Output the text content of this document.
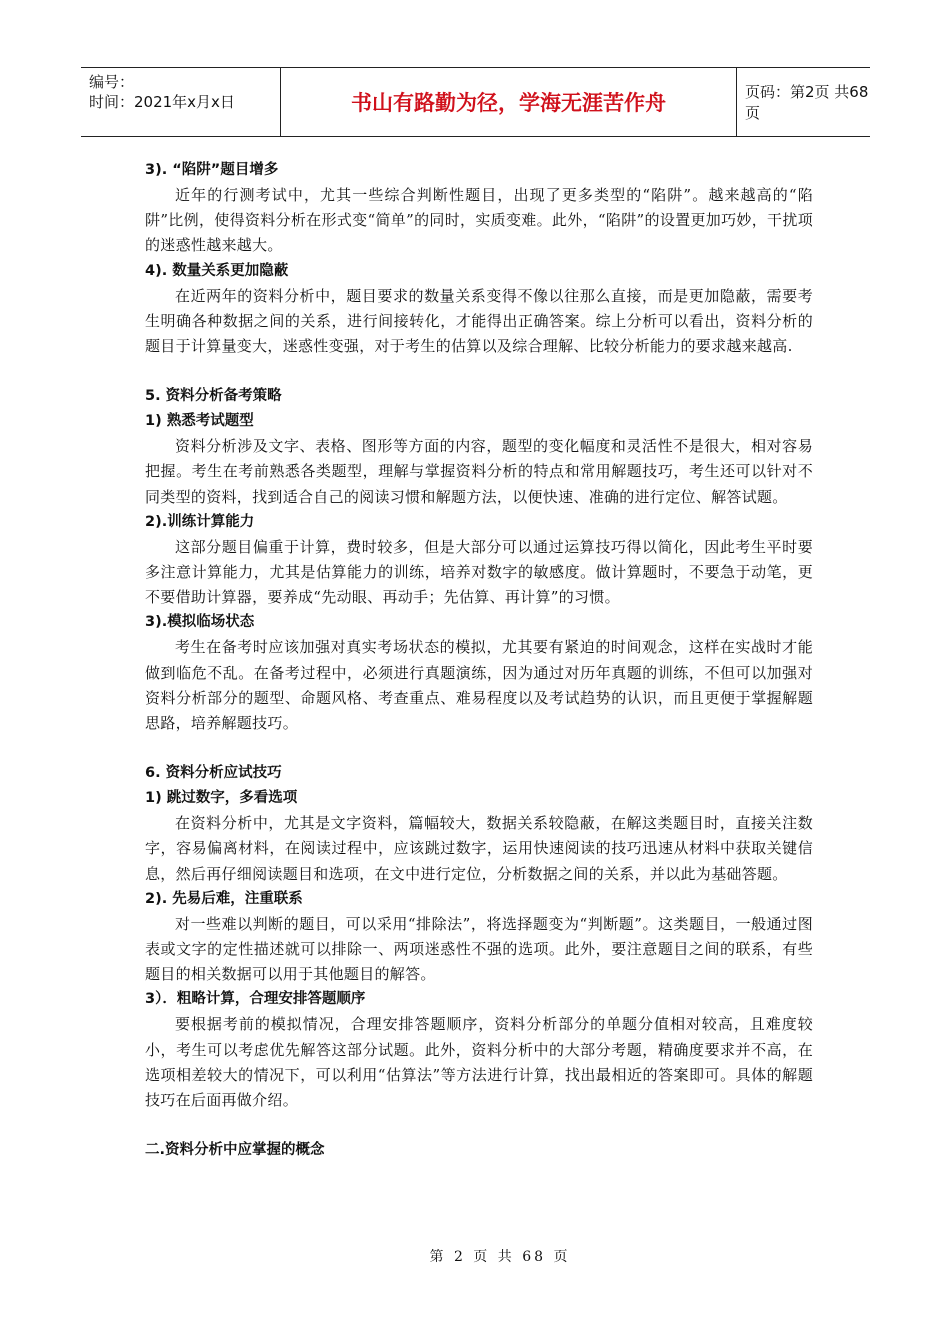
编号：
时间：2021年x月x日	书山有路勤为径，学海无涯苦作舟	页码：第2页 共68页
3). “陷阱”题目增多
近年的行测考试中，尤其一些综合判断性题目，出现了更多类型的“陷阱”。越来越高的“陷阱”比例，使得资料分析在形式变“简单”的同时，实质变难。此外，“陷阱”的设置更加巧妙，干扰项的迷惑性越来越大。
4). 数量关系更加隐蔽
在近两年的资料分析中，题目要求的数量关系变得不像以往那么直接，而是更加隐蔽，需要考生明确各种数据之间的关系，进行间接转化，才能得出正确答案。综上分析可以看出，资料分析的题目于计算量变大，迷惑性变强，对于考生的估算以及综合理解、比较分析能力的要求越来越高.
5. 资料分析备考策略
1) 熟悉考试题型
资料分析涉及文字、表格、图形等方面的内容，题型的变化幅度和灵活性不是很大，相对容易把握。考生在考前熟悉各类题型，理解与掌握资料分析的特点和常用解题技巧，考生还可以针对不同类型的资料，找到适合自己的阅读习惯和解题方法，以便快速、准确的进行定位、解答试题。
2).训练计算能力
这部分题目偏重于计算，费时较多，但是大部分可以通过运算技巧得以简化，因此考生平时要多注意计算能力，尤其是估算能力的训练，培养对数字的敏感度。做计算题时，不要急于动笔，更不要借助计算器，要养成“先动眼、再动手；先估算、再计算”的习惯。
3).模拟临场状态
考生在备考时应该加强对真实考场状态的模拟，尤其要有紧迫的时间观念，这样在实战时才能做到临危不乱。在备考过程中，必须进行真题演练，因为通过对历年真题的训练，不但可以加强对资料分析部分的题型、命题风格、考查重点、难易程度以及考试趋势的认识，而且更便于掌握解题思路，培养解题技巧。
6. 资料分析应试技巧
1) 跳过数字，多看选项
在资料分析中，尤其是文字资料，篇幅较大，数据关系较隐蔽，在解这类题目时，直接关注数字，容易偏离材料，在阅读过程中，应该跳过数字，运用快速阅读的技巧迅速从材料中获取关键信息，然后再仔细阅读题目和选项，在文中进行定位，分析数据之间的关系，并以此为基础答题。
2). 先易后难，注重联系
对一些难以判断的题目，可以采用“排除法”，将选择题变为“判断题”。这类题目，一般通过图表或文字的定性描述就可以排除一、两项迷惑性不强的选项。此外，要注意题目之间的联系，有些题目的相关数据可以用于其他题目的解答。
3）．粗略计算，合理安排答题顺序
要根据考前的模拟情况，合理安排答题顺序，资料分析部分的单题分值相对较高，且难度较小，考生可以考虑优先解答这部分试题。此外，资料分析中的大部分考题，精确度要求并不高，在选项相差较大的情况下，可以利用“估算法”等方法进行计算，找出最相近的答案即可。具体的解题技巧在后面再做介绍。
二.资料分析中应掌握的概念
第 2 页 共 68 页
